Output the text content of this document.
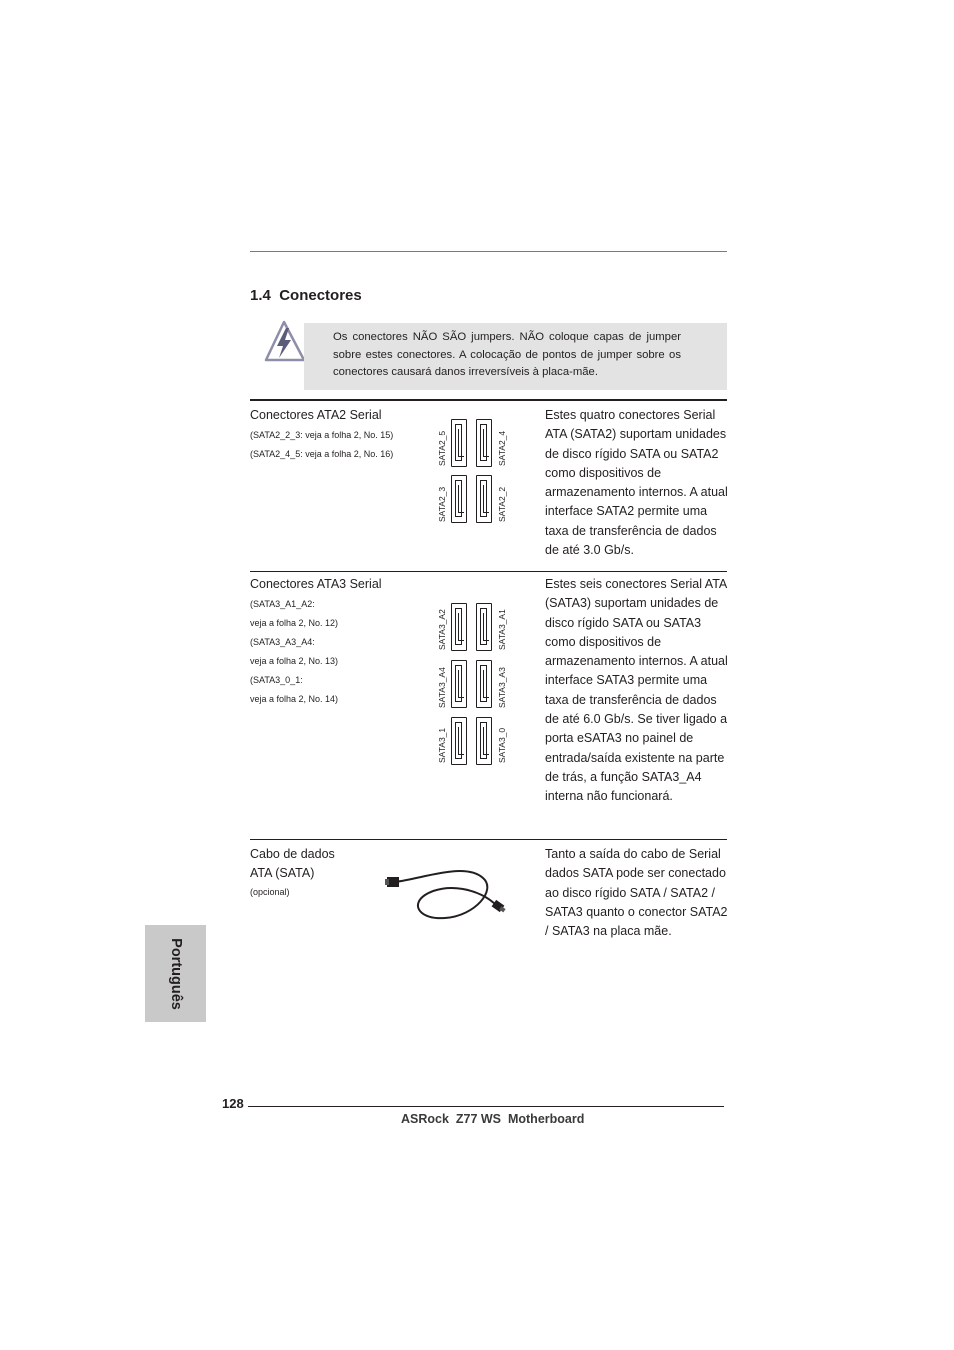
1.4 Conectores
Os conectores NÃO SÃO jumpers. NÃO coloque capas de jumper sobre estes conectores. A colocação de pontos de jumper sobre os conectores causará danos irreversíveis à placa-mãe.
Conectores ATA2 Serial
(SATA2_2_3: veja a folha 2, No. 15)
(SATA2_4_5: veja a folha 2, No. 16)	SATA2_5	SATA2_4
SATA2_3	SATA2_2

Estes quatro conectores Serial ATA (SATA2) suportam unidades de disco rígido SATA ou SATA2 como dispositivos de armazenamento internos. A atual interface SATA2 permite uma taxa de transferência de dados de até 3.0 Gb/s.

Conectores ATA3 Serial
(SATA3_A1_A2:
veja a folha 2, No. 12)
(SATA3_A3_A4:
veja a folha 2, No. 13)
(SATA3_0_1:
veja a folha 2, No. 14)
SATA3_A2	SATA3_A1
SATA3_A4	SATA3_A3
SATA3_1	SATA3_0

Estes seis conectores Serial ATA (SATA3) suportam unidades de disco rígido SATA ou SATA3 como dispositivos de armazenamento internos. A atual interface SATA3 permite uma taxa de transferência de dados de até 6.0 Gb/s. Se tiver ligado a porta eSATA3 no painel de entrada/saída existente na parte de trás, a função SATA3_A4 interna não funcionará.

Cabo de dados
ATA (SATA)
(opcional)

Tanto a saída do cabo de Serial dados SATA pode ser conectado ao disco rígido SATA / SATA2 / SATA3 quanto o conector SATA2 / SATA3 na placa mãe.

Português
128
ASRock  Z77 WS  Motherboard
